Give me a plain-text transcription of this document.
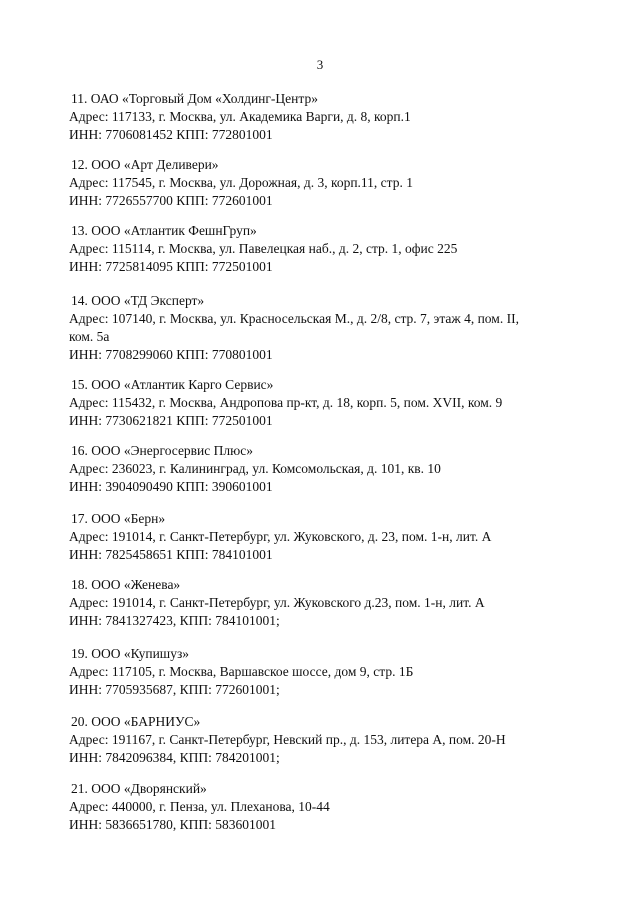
3
11. ОАО «Торговый Дом «Холдинг-Центр»
Адрес: 117133, г. Москва, ул. Академика Варги, д. 8, корп.1
ИНН: 7706081452 КПП: 772801001
12. ООО «Арт Деливери»
Адрес: 117545, г. Москва, ул. Дорожная, д. 3, корп.11, стр. 1
ИНН: 7726557700 КПП: 772601001
13. ООО «Атлантик ФешнГруп»
Адрес: 115114, г. Москва, ул. Павелецкая наб., д. 2, стр. 1, офис 225
ИНН: 7725814095 КПП: 772501001
14. ООО «ТД Эксперт»
Адрес: 107140, г. Москва, ул. Красносельская М., д. 2/8, стр. 7, этаж 4, пом. II,
ком. 5а
ИНН: 7708299060 КПП: 770801001
15. ООО «Атлантик Карго Сервис»
Адрес: 115432, г. Москва, Андропова пр-кт, д. 18, корп. 5, пом. XVII, ком. 9
ИНН: 7730621821 КПП: 772501001
16. ООО «Энергосервис Плюс»
Адрес: 236023, г. Калининград, ул. Комсомольская, д. 101, кв. 10
ИНН: 3904090490 КПП: 390601001
17. ООО «Берн»
Адрес: 191014, г. Санкт-Петербург, ул. Жуковского, д. 23, пом. 1-н, лит. А
ИНН: 7825458651 КПП: 784101001
18. ООО «Женева»
Адрес: 191014, г. Санкт-Петербург, ул. Жуковского д.23, пом. 1-н, лит. А
ИНН: 7841327423, КПП: 784101001;
19. ООО «Купишуз»
Адрес: 117105, г. Москва, Варшавское шоссе, дом 9, стр. 1Б
ИНН: 7705935687, КПП: 772601001;
20. ООО «БАРНИУС»
Адрес: 191167, г. Санкт-Петербург, Невский пр., д. 153, литера А, пом. 20-Н
ИНН: 7842096384, КПП: 784201001;
21. ООО «Дворянский»
Адрес: 440000, г. Пенза, ул. Плеханова, 10-44
ИНН: 5836651780, КПП: 583601001
